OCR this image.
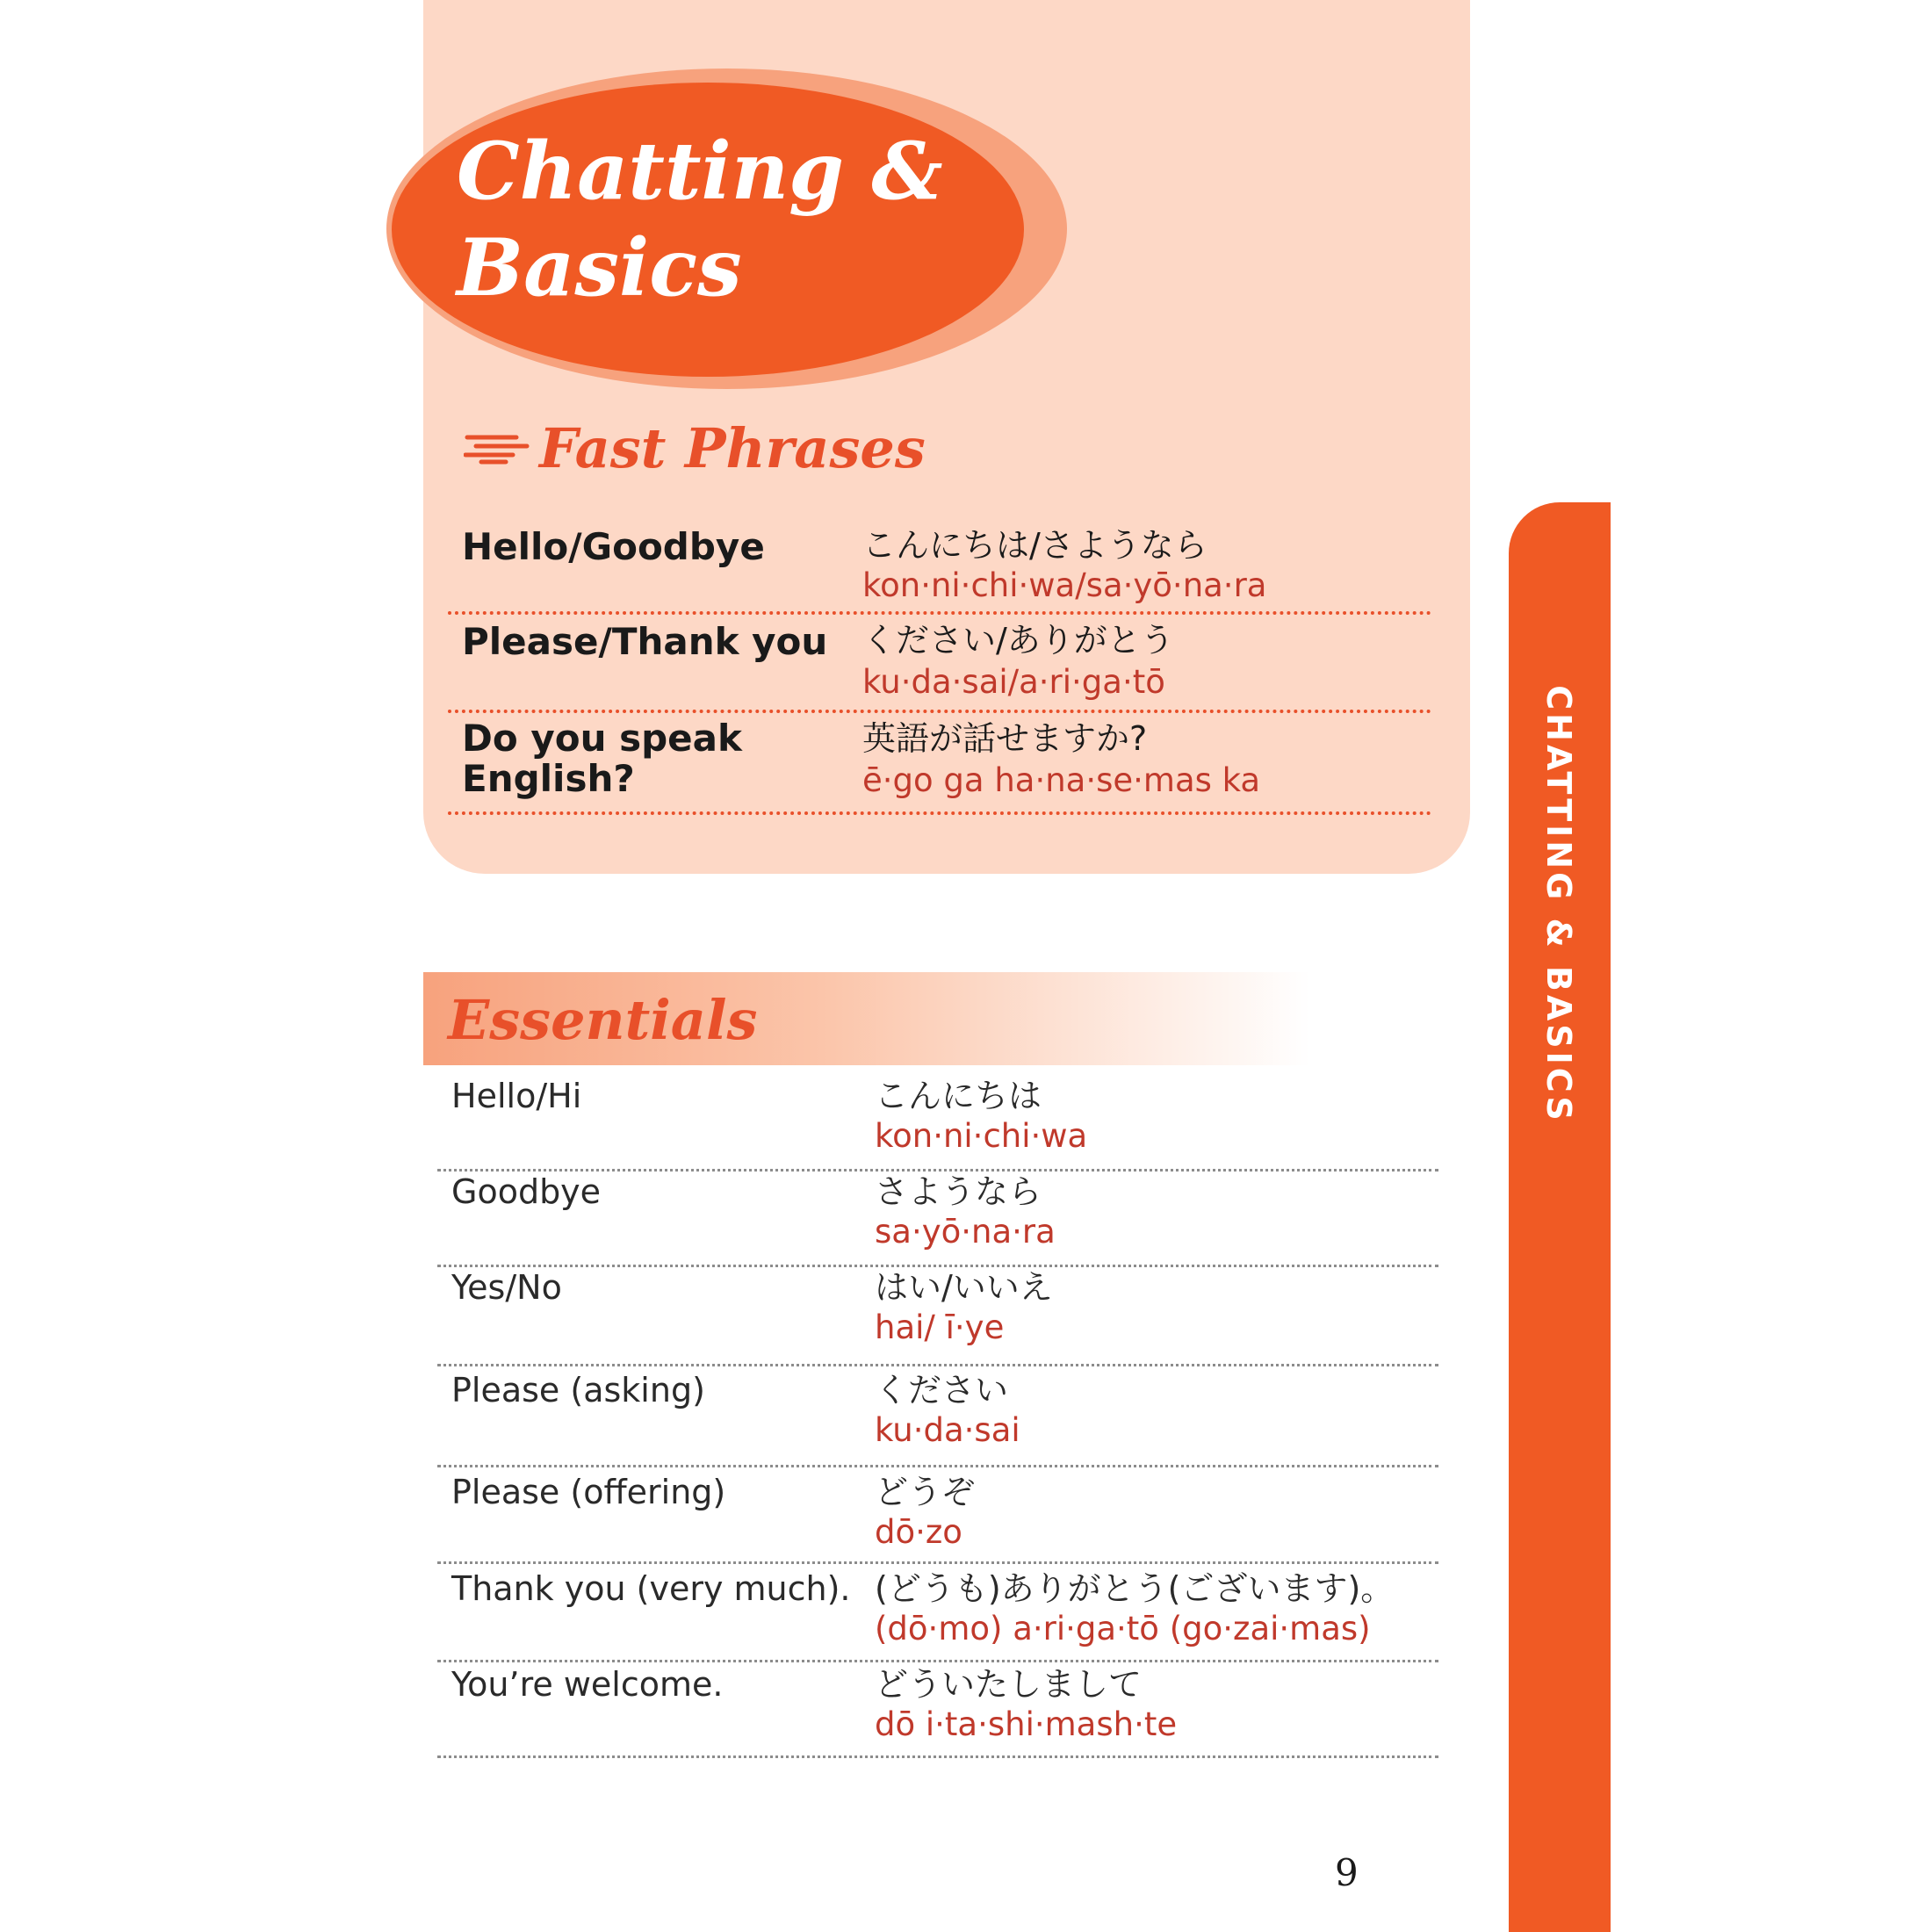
Chatting &
Basics
Fast Phrases
Hello/Goodbye	こんにちは/さようなら
kon·ni·chi·wa/sa·yō·na·ra
Please/Thank you	ください/ありがとう
ku·da·sai/a·ri·ga·tō
Do you speak English?
英語が話せますか?
ē·go ga ha·na·se·mas ka
Essentials
Hello/Hi	こんにちは
kon·ni·chi·wa
Goodbye	さようなら
sa·yō·na·ra
Yes/No	はい/いいえ
hai/ ī·ye
Please (asking)	ください
ku·da·sai
Please (offering)	どうぞ
dō·zo
Thank you (very much). (どうも)ありがとう(ございます)。
(dō·mo) a·ri·ga·tō (go·zai·mas)
You’re welcome.	どういたしまして
dō i·ta·shi·mash·te
CHATTING & BASICS
9
